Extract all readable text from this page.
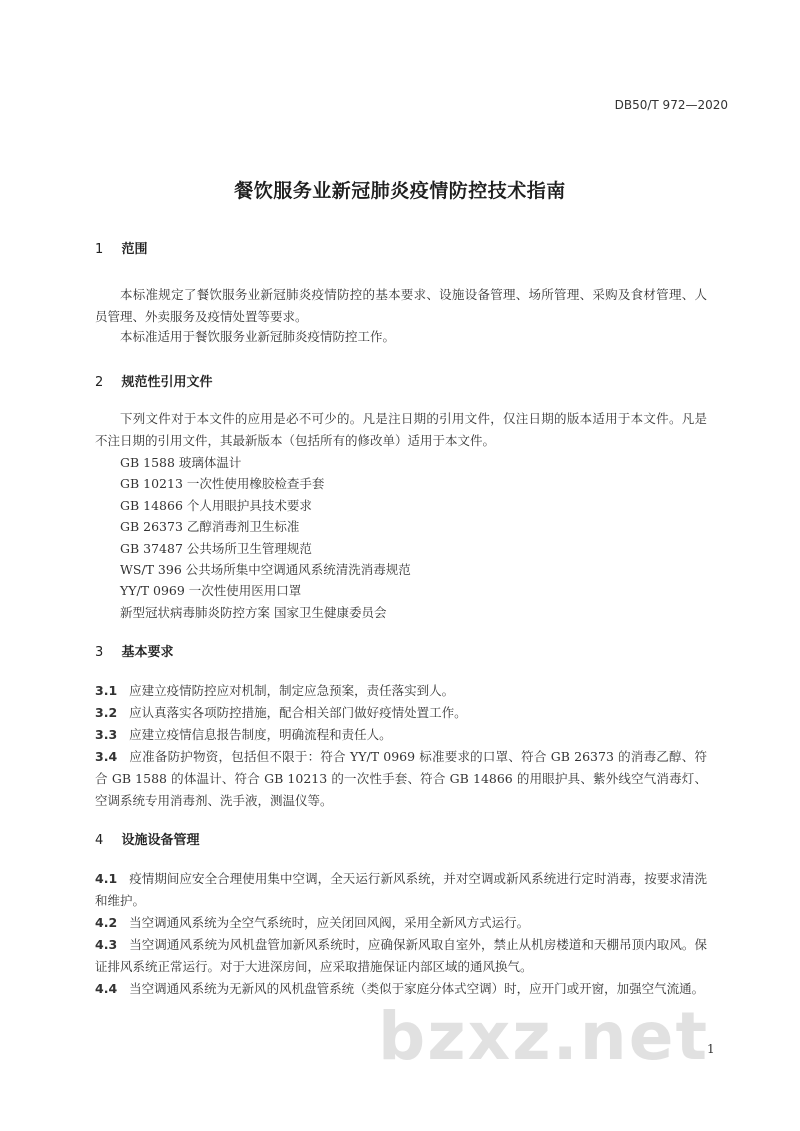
DB50/T 972—2020
餐饮服务业新冠肺炎疫情防控技术指南
1 范围
本标准规定了餐饮服务业新冠肺炎疫情防控的基本要求、设施设备管理、场所管理、采购及食材管理、人员管理、外卖服务及疫情处置等要求。
本标准适用于餐饮服务业新冠肺炎疫情防控工作。
2 规范性引用文件
下列文件对于本文件的应用是必不可少的。凡是注日期的引用文件，仅注日期的版本适用于本文件。凡是不注日期的引用文件，其最新版本（包括所有的修改单）适用于本文件。
GB 1588 玻璃体温计
GB 10213 一次性使用橡胶检查手套
GB 14866 个人用眼护具技术要求
GB 26373 乙醇消毒剂卫生标准
GB 37487 公共场所卫生管理规范
WS/T 396 公共场所集中空调通风系统清洗消毒规范
YY/T 0969 一次性使用医用口罩
新型冠状病毒肺炎防控方案 国家卫生健康委员会
3 基本要求
3.1 应建立疫情防控应对机制，制定应急预案，责任落实到人。
3.2 应认真落实各项防控措施，配合相关部门做好疫情处置工作。
3.3 应建立疫情信息报告制度，明确流程和责任人。
3.4 应准备防护物资，包括但不限于：符合 YY/T 0969 标准要求的口罩、符合 GB 26373 的消毒乙醇、符合 GB 1588 的体温计、符合 GB 10213 的一次性手套、符合 GB 14866 的用眼护具、紫外线空气消毒灯、空调系统专用消毒剂、洗手液，测温仪等。
4 设施设备管理
4.1 疫情期间应安全合理使用集中空调，全天运行新风系统，并对空调或新风系统进行定时消毒，按要求清洗和维护。
4.2 当空调通风系统为全空气系统时，应关闭回风阀，采用全新风方式运行。
4.3 当空调通风系统为风机盘管加新风系统时，应确保新风取自室外，禁止从机房楼道和天棚吊顶内取风。保证排风系统正常运行。对于大进深房间，应采取措施保证内部区域的通风换气。
4.4 当空调通风系统为无新风的风机盘管系统（类似于家庭分体式空调）时，应开门或开窗，加强空气流通。
bzxz.net
1
